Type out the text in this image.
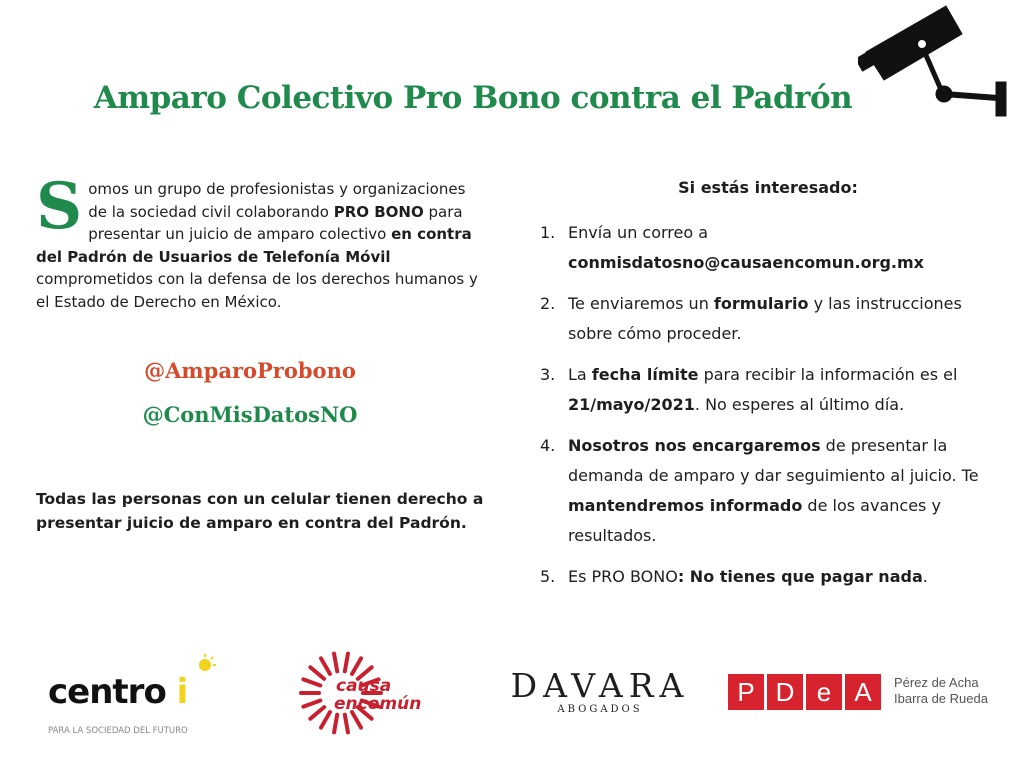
Amparo Colectivo Pro Bono contra el Padrón

Somos un grupo de profesionistas y organizaciones de la sociedad civil colaborando PRO BONO para presentar un juicio de amparo colectivo en contra del Padrón de Usuarios de Telefonía Móvil comprometidos con la defensa de los derechos humanos y el Estado de Derecho en México.

@AmparoProbono
@ConMisDatosNO

Todas las personas con un celular tienen derecho a presentar juicio de amparo en contra del Padrón.

Si estás interesado:
1. Envía un correo a conmisdatosno@causaencomun.org.mx
2. Te enviaremos un formulario y las instrucciones sobre cómo proceder.
3. La fecha límite para recibir la información es el 21/mayo/2021. No esperes al último día.
4. Nosotros nos encargaremos de presentar la demanda de amparo y dar seguimiento al juicio. Te mantendremos informado de los avances y resultados.
5. Es PRO BONO: No tienes que pagar nada.
centro i
PARA LA SOCIEDAD DEL FUTURO
causa
encomún	DAVARA
ABOGADOS
P D e A	Pérez de Acha
Ibarra de Rueda
